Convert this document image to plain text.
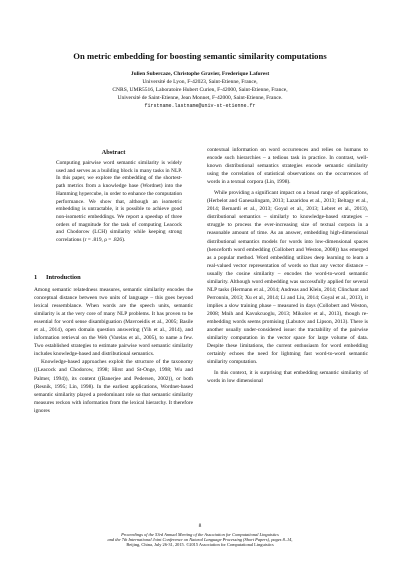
On metric embedding for boosting semantic similarity computations
Julien Subercaze, Christophe Gravier, Frederique Laforest
Université de Lyon, F-42023, Saint-Etienne, France,
CNRS, UMR5516, Laboratoire Hubert Curien, F-42000, Saint-Etienne, France,
Université de Saint-Etienne, Jean Monnet, F-42000, Saint-Etienne, France.
firstname.lastname@univ-st-etienne.fr
Abstract
Computing pairwise word semantic similarity is widely used and serves as a building block in many tasks in NLP. In this paper, we explore the embedding of the shortest-path metrics from a knowledge base (Wordnet) into the Hamming hypercube, in order to enhance the computation performance. We show that, although an isometric embedding is untractable, it is possible to achieve good non-isometric embeddings. We report a speedup of three orders of magnitude for the task of computing Leacock and Chodorow (LCH) similarity while keeping strong correlations (r = .819, ρ = .826).
1 Introduction

Among semantic relatedness measures, semantic similarity encodes the conceptual distance between two units of language – this goes beyond lexical ressemblance. When words are the speech units, semantic similarity is at the very core of many NLP problems. It has proven to be essential for word sense disambiguation (Mavroeidis et al., 2005; Basile et al., 2014), open domain question answering (Yih et al., 2014), and information retrieval on the Web (Varelas et al., 2005), to name a few. Two established strategies to estimate pairwise word semantic similarity includes knowledge-based and distributional semantics.

Knowledge-based approaches exploit the structure of the taxonomy ((Leacock and Chodorow, 1998; Hirst and St-Onge, 1998; Wu and Palmer, 1994)), its content ((Banerjee and Pedersen, 2002)), or both (Resnik, 1995; Lin, 1998). In the earliest applications, Wordnet-based semantic similarity played a predominant role so that semantic similarity measures reckon with information from the lexical hierarchy. It therefore ignores

contextual information on word occurrences and relies on humans to encode such hierarchies – a tedious task in practice. In contrast, well-known distributional semantics strategies encode semantic similarity using the correlation of statistical observations on the occurrences of words in a textual corpora (Lin, 1998).

While providing a significant impact on a broad range of applications, (Herbelot and Ganesalingam, 2013; Lazaridou et al., 2013; Beltagy et al., 2014; Bernardi et al., 2013; Goyal et al., 2013; Lebret et al., 2013), distributional semantics – similarly to knowledge-based strategies – struggle to process the ever-increasing size of textual corpora in a reasonable amount of time. As an answer, embedding high-dimensional distributional semantics models for words into low-dimensional spaces (henceforth word embedding (Collobert and Weston, 2008)) has emerged as a popular method. Word embedding utilizes deep learning to learn a real-valued vector representation of words so that any vector distance – usually the cosine similarity – encodes the word-to-word semantic similarity. Although word embedding was successfully applied for several NLP tasks (Hermann et al., 2014; Andreas and Klein, 2014; Clinchant and Perronnin, 2013; Xu et al., 2014; Li and Liu, 2014; Goyal et al., 2013), it implies a slow training phase – measured in days (Collobert and Weston, 2008; Mnih and Kavukcuoglu, 2013; Mikolov et al., 2013), though re-embedding words seems promising (Labutov and Lipson, 2013). There is another usually under-considered issue: the tractability of the pairwise similarity computation in the vector space for large volume of data. Despite these limitations, the current enthusiasm for word embedding certainly echoes the need for lightning fast word-to-word semantic similarity computation.

In this context, it is surprising that embedding semantic similarity of words in low dimensional

8
Proceedings of the 53rd Annual Meeting of the Association for Computational Linguistics
and the 7th International Joint Conference on Natural Language Processing (Short Papers), pages 8–14,
Beijing, China, July 26-31, 2015. ©2015 Association for Computational Linguistics
